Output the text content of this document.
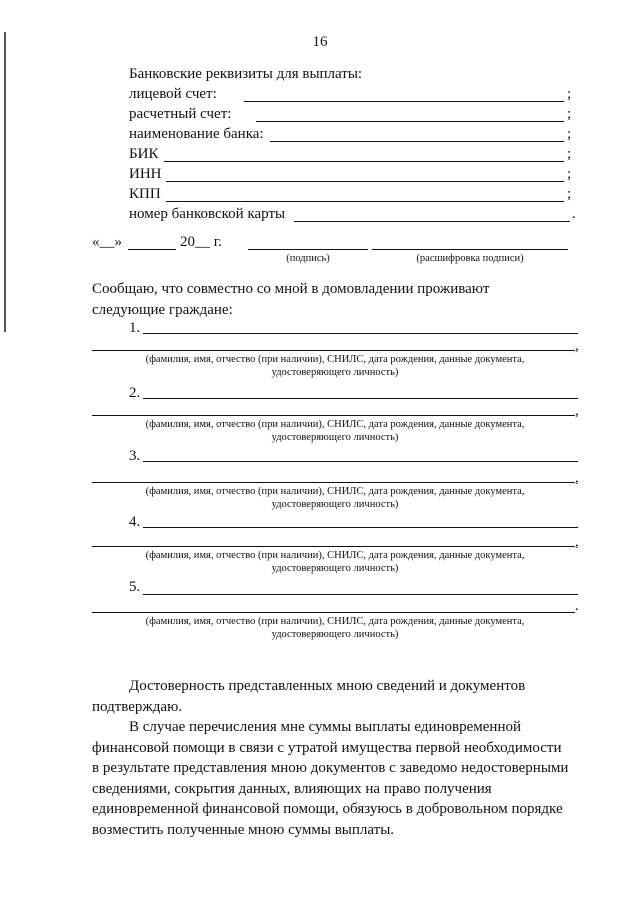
16
Банковские реквизиты для выплаты:
лицевой счет:	;
расчетный счет:	;
наименование банка:	;
БИК	;
ИНН	;
КПП	;
номер банковской карты	.
«__»	20__ г.
(подпись)	(расшифровка подписи)
Сообщаю, что совместно со мной в домовладении проживают
следующие граждане:
1.
,
(фамилия, имя, отчество (при наличии), СНИЛС, дата рождения, данные документа,
удостоверяющего личность)
2.
,
(фамилия, имя, отчество (при наличии), СНИЛС, дата рождения, данные документа,
удостоверяющего личность)
3.
,
(фамилия, имя, отчество (при наличии), СНИЛС, дата рождения, данные документа,
удостоверяющего личность)
4.
,
(фамилия, имя, отчество (при наличии), СНИЛС, дата рождения, данные документа,
удостоверяющего личность)
5.
.
(фамилия, имя, отчество (при наличии), СНИЛС, дата рождения, данные документа,
удостоверяющего личность)
Достоверность представленных мною сведений и документов
подтверждаю.
В случае перечисления мне суммы выплаты единовременной
финансовой помощи в связи с утратой имущества первой необходимости
в результате представления мною документов с заведомо недостоверными
сведениями, сокрытия данных, влияющих на право получения
единовременной финансовой помощи, обязуюсь в добровольном порядке
возместить полученные мною суммы выплаты.
